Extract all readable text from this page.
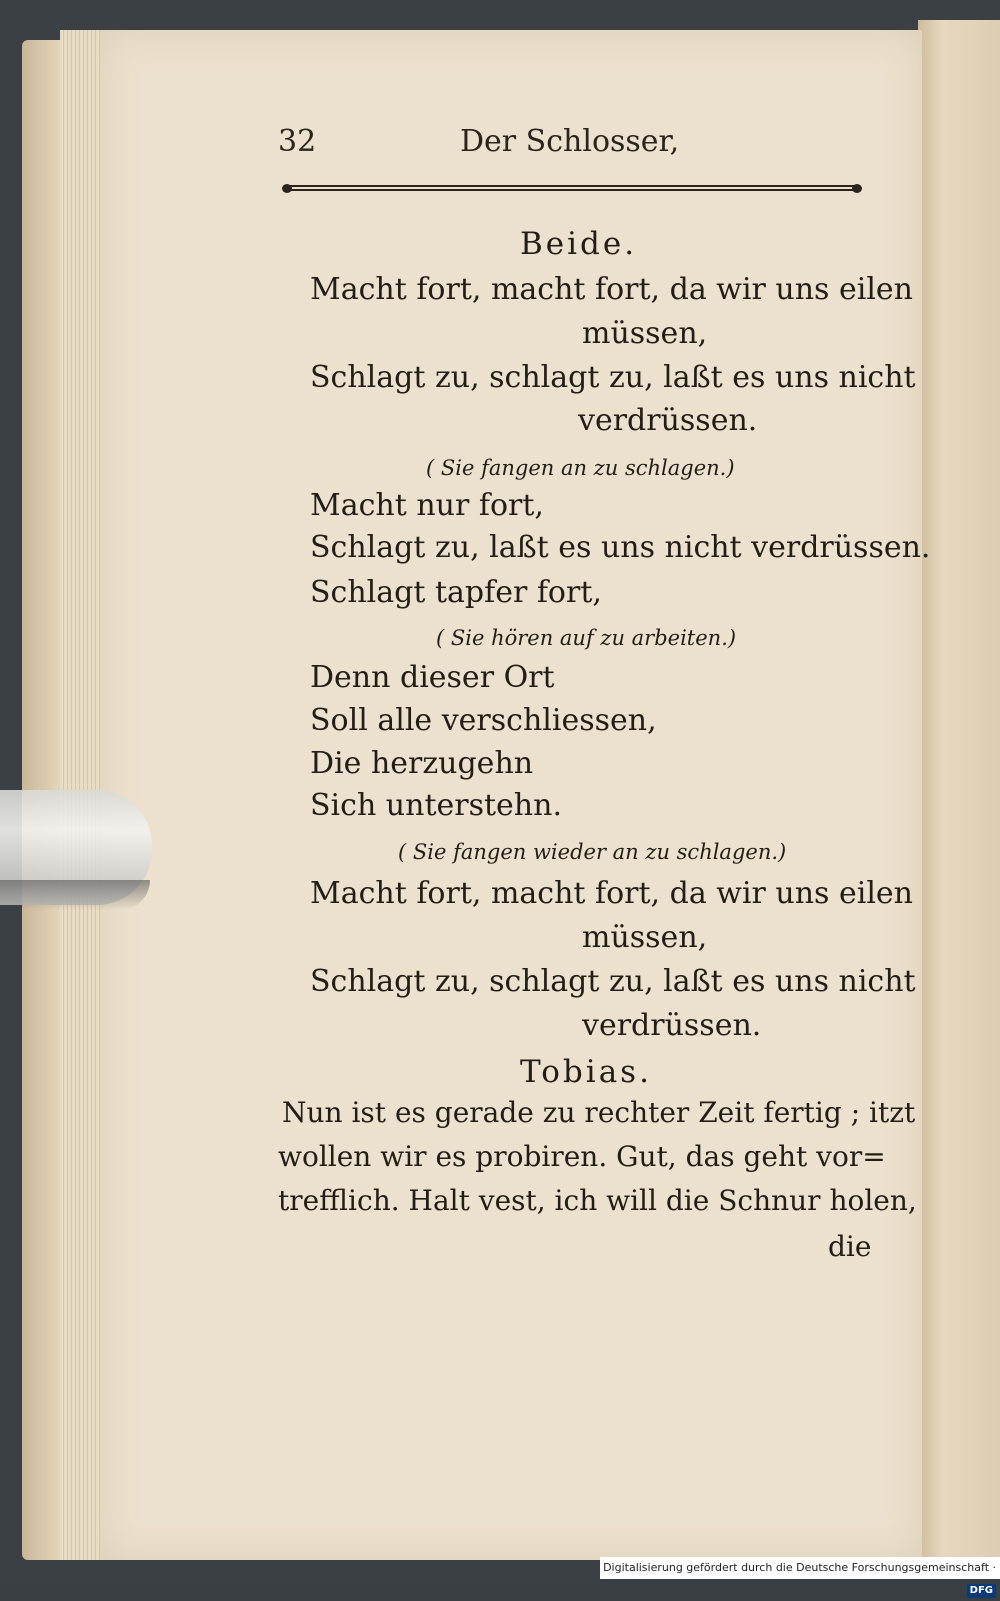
32	Der Schlosser,
Beide.
Macht fort, macht fort, da wir uns eilen
müssen,
Schlagt zu, schlagt zu, laßt es uns nicht
verdrüssen.
( Sie fangen an zu schlagen.)
Macht nur fort,
Schlagt zu, laßt es uns nicht verdrüssen.
Schlagt tapfer fort,
( Sie hören auf zu arbeiten.)
Denn dieser Ort
Soll alle verschliessen,
Die herzugehn
Sich unterstehn.
( Sie fangen wieder an zu schlagen.)
Macht fort, macht fort, da wir uns eilen
müssen,
Schlagt zu, schlagt zu, laßt es uns nicht
verdrüssen.
Tobias.
Nun ist es gerade zu rechter Zeit fertig ; itzt
wollen wir es probiren. Gut, das geht vor=
trefflich. Halt vest, ich will die Schnur holen,
die
Digitalisierung gefördert durch die Deutsche Forschungsgemeinschaft ·DFG
